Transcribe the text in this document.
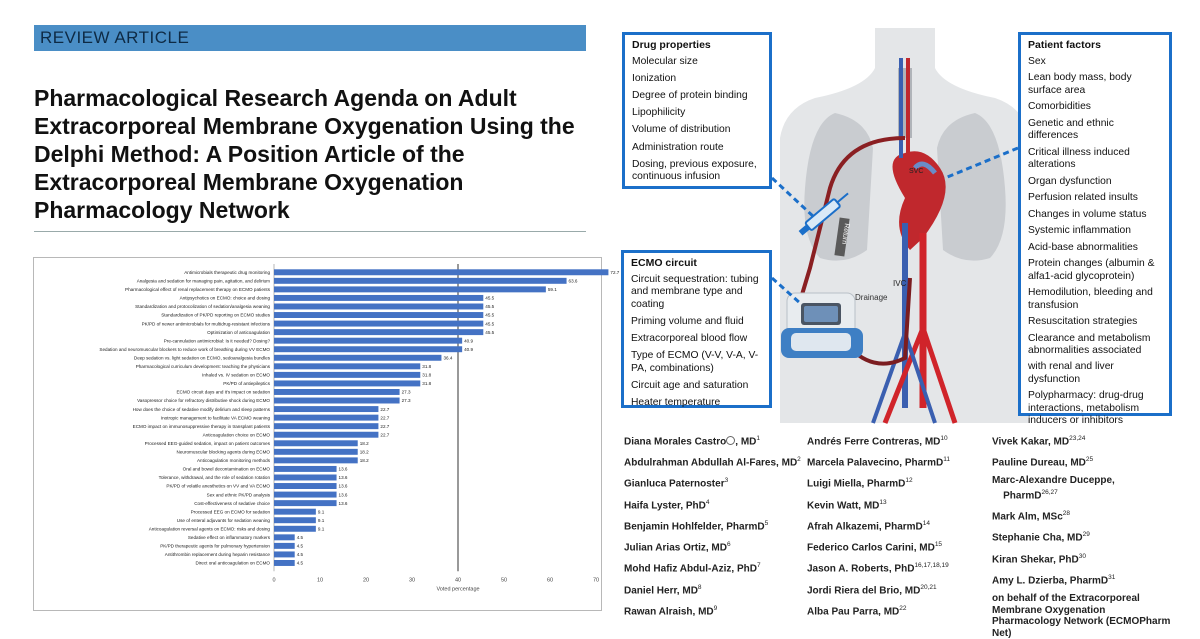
REVIEW ARTICLE
Pharmacological Research Agenda on Adult Extracorporeal Membrane Oxygenation Using the Delphi Method: A Position Article of the Extracorporeal Membrane Oxygenation Pharmacology Network
Antimicrobials therapeutic drug monitoring	72.7
Analgesia and sedation for managing pain, agitation, and delirium	63.6
Pharmacological effect of renal replacement therapy on ECMO patients	59.1
Antipsychotics on ECMO: choice and dosing	45.5
Standardization and protocolization of sedation/analgesia weaning	45.5
Standardization of PK/PD reporting on ECMO studies	45.5
PK/PD of newer antimicrobials for multidrug-resistant infections	45.5
Optimization of anticoagulation	45.5
Pre-cannulation antimicrobial: Is it needed? Dosing?	40.9
Sedation and neuromuscular blockers to reduce work of breathing during VV ECMO	40.9
Deep sedation vs. light sedation on ECMO, sedoanalgesia bundles	36.4
Pharmacological curriculum development: teaching the physicians	31.8
Inhaled vs. IV sedation on ECMO	31.8
PK/PD of antiepileptics	31.8
ECMO circuit days and it's impact on sedation	27.3
Vasopressor choice for refractory distributive shock during ECMO	27.3
How does the choice of sedative modify delirium and sleep patterns	22.7
Inotropic management to facilitate VA ECMO weaning	22.7
ECMO impact on immunosuppressive therapy in transplant patients	22.7
Anticoagulation choice on ECMO	22.7
Processed EEG-guided sedation, impact on patient outcomes	18.2
Neuromuscular blocking agents during ECMO	18.2
Anticoagulation monitoring methods	18.2
Oral and bowel decontamination on ECMO	13.6
Tolerance, withdrawal, and the role of sedation rotation	13.6
PK/PD of volatile anesthetics on VV and VA ECMO	13.6
Sex and ethnic PK/PD analysis	13.6
Cost-effectiveness of sedative choice	13.6
Processed EEG on ECMO for sedation	9.1
Use of enteral adjuvants for sedation weaning	9.1
Anticoagulation reversal agents on ECMO: risks and dosing	9.1
Sedative effect on inflammatory markers	4.5
PK/PD therapeutic agents for pulmonary hypertension	4.5
Antithrombin replacement during heparin resistance	4.5
Direct oral anticoagulation on ECMO	4.5
0	10	20	30	40	50	60	70
Voted percentage
Return
Drainage
SVC
IVC
Drug properties
Molecular size
Ionization
Degree of protein binding
Lipophilicity
Volume of distribution
Administration route
Dosing, previous exposure, continuous infusion
ECMO circuit
Circuit sequestration: tubing and membrane type and coating
Priming volume and fluid
Extracorporeal blood flow
Type of ECMO (V-V, V-A, V-PA, combinations)
Circuit age and saturation
Heater temperature
Patient factors
Sex
Lean body mass, body surface area
Comorbidities
Genetic and ethnic differences
Critical illness induced alterations
Organ dysfunction
Perfusion related insults
Changes in volume status
Systemic inflammation
Acid-base abnormalities
Protein changes (albumin & alfa1-acid glycoprotein)
Hemodilution, bleeding and transfusion
Resuscitation strategies
Clearance and metabolism abnormalities associated
with renal and liver dysfunction
Polypharmacy: drug-drug interactions, metabolism inducers or inhibitors
Diana Morales Castro , $MD^1$
Abdulrahman Abdullah Al-Fares, $MD^2$
Gianluca Paternoster$^3$
Haifa Lyster, PhD$^4$
Benjamin Hohlfelder, PharmD$^5$
Julian Arias Ortiz, $MD^6$
Mohd Hafiz Abdul-Aziz, PhD$^7$
Daniel Herr, $MD^8$
Rawan Alraish, $MD^9$
Andrés Ferre Contreras, MD$^{10}$
Marcela Palavecino, PharmD$^{11}$
Luigi Miella, PharmD$^{12}$
Kevin Watt, MD$^{13}$
Afrah Alkazemi, PharmD$^{14}$
Federico Carlos Carini, MD$^{15}$
Jason A. Roberts, PhD$^{16,17,18,19}$
Jordi Riera del Brio, MD$^{20,21}$
Alba Pau Parra, MD$^{22}$
Vivek Kakar, MD$^{23,24}$
Pauline Dureau, MD$^{25}$
Marc-Alexandre Duceppe,
PharmD$^{26,27}$
Mark Alm, MSc$^{28}$
Stephanie Cha, MD$^{29}$
Kiran Shekar, PhD$^{30}$
Amy L. Dzierba, PharmD$^{31}$
on behalf of the Extracorporeal Membrane Oxygenation Pharmacology Network (ECMOPharm Net)
